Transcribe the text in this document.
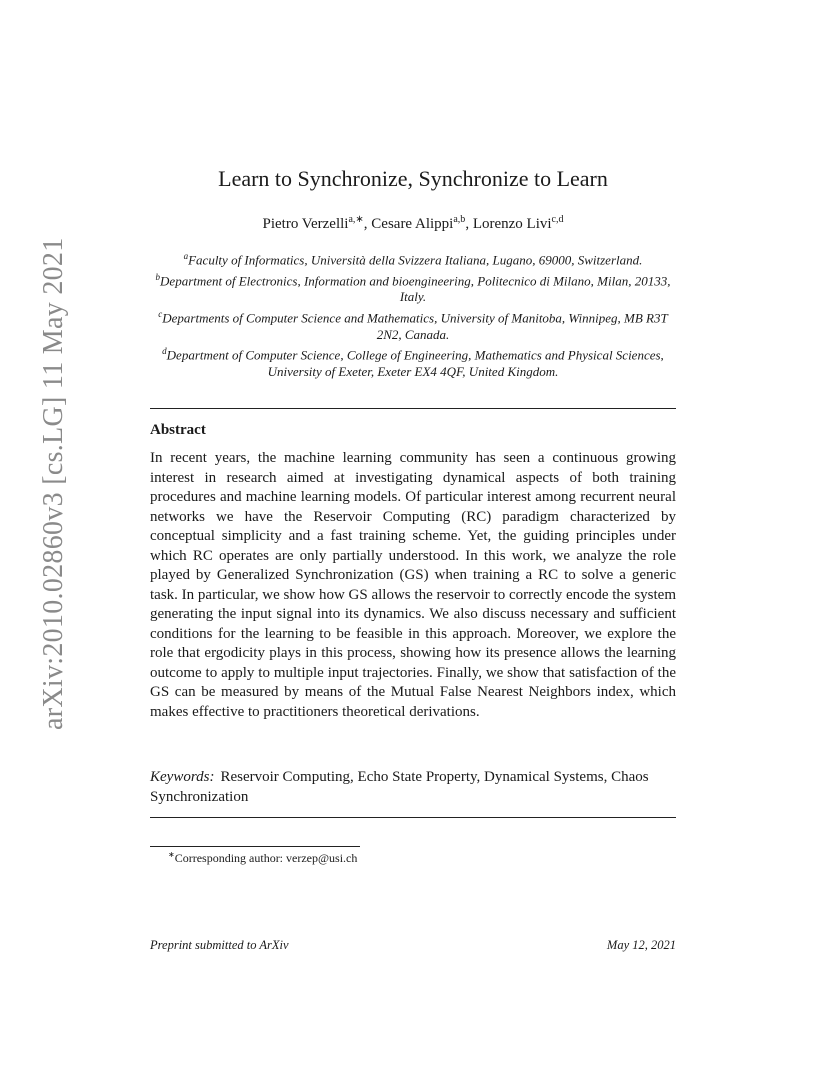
arXiv:2010.02860v3 [cs.LG] 11 May 2021
Learn to Synchronize, Synchronize to Learn
Pietro Verzelli$^{a,∗}$, Cesare Alippi$^{a,b}$, Lorenzo Livi$^{c,d}$
$^a$Faculty of Informatics, Università della Svizzera Italiana, Lugano, 69000, Switzerland.
$^b$Department of Electronics, Information and bioengineering, Politecnico di Milano, Milan, 20133, Italy.
$^c$Departments of Computer Science and Mathematics, University of Manitoba, Winnipeg, MB R3T 2N2, Canada.
$^d$Department of Computer Science, College of Engineering, Mathematics and Physical Sciences, University of Exeter, Exeter EX4 4QF, United Kingdom.
Abstract
In recent years, the machine learning community has seen a continuous growing interest in research aimed at investigating dynamical aspects of both training procedures and machine learning models. Of particular interest among recurrent neural networks we have the Reservoir Computing (RC) paradigm characterized by conceptual simplicity and a fast training scheme. Yet, the guiding principles under which RC operates are only partially understood. In this work, we analyze the role played by Generalized Synchronization (GS) when training a RC to solve a generic task. In particular, we show how GS allows the reservoir to correctly encode the system generating the input signal into its dynamics. We also discuss necessary and sufficient conditions for the learning to be feasible in this approach. Moreover, we explore the role that ergodicity plays in this process, showing how its presence allows the learning outcome to apply to multiple input trajectories. Finally, we show that satisfaction of the GS can be measured by means of the Mutual False Nearest Neighbors index, which makes effective to practitioners theoretical derivations.
Keywords: Reservoir Computing, Echo State Property, Dynamical Systems, Chaos Synchronization
∗Corresponding author: verzep@usi.ch
Preprint submitted to ArXiv	May 12, 2021
